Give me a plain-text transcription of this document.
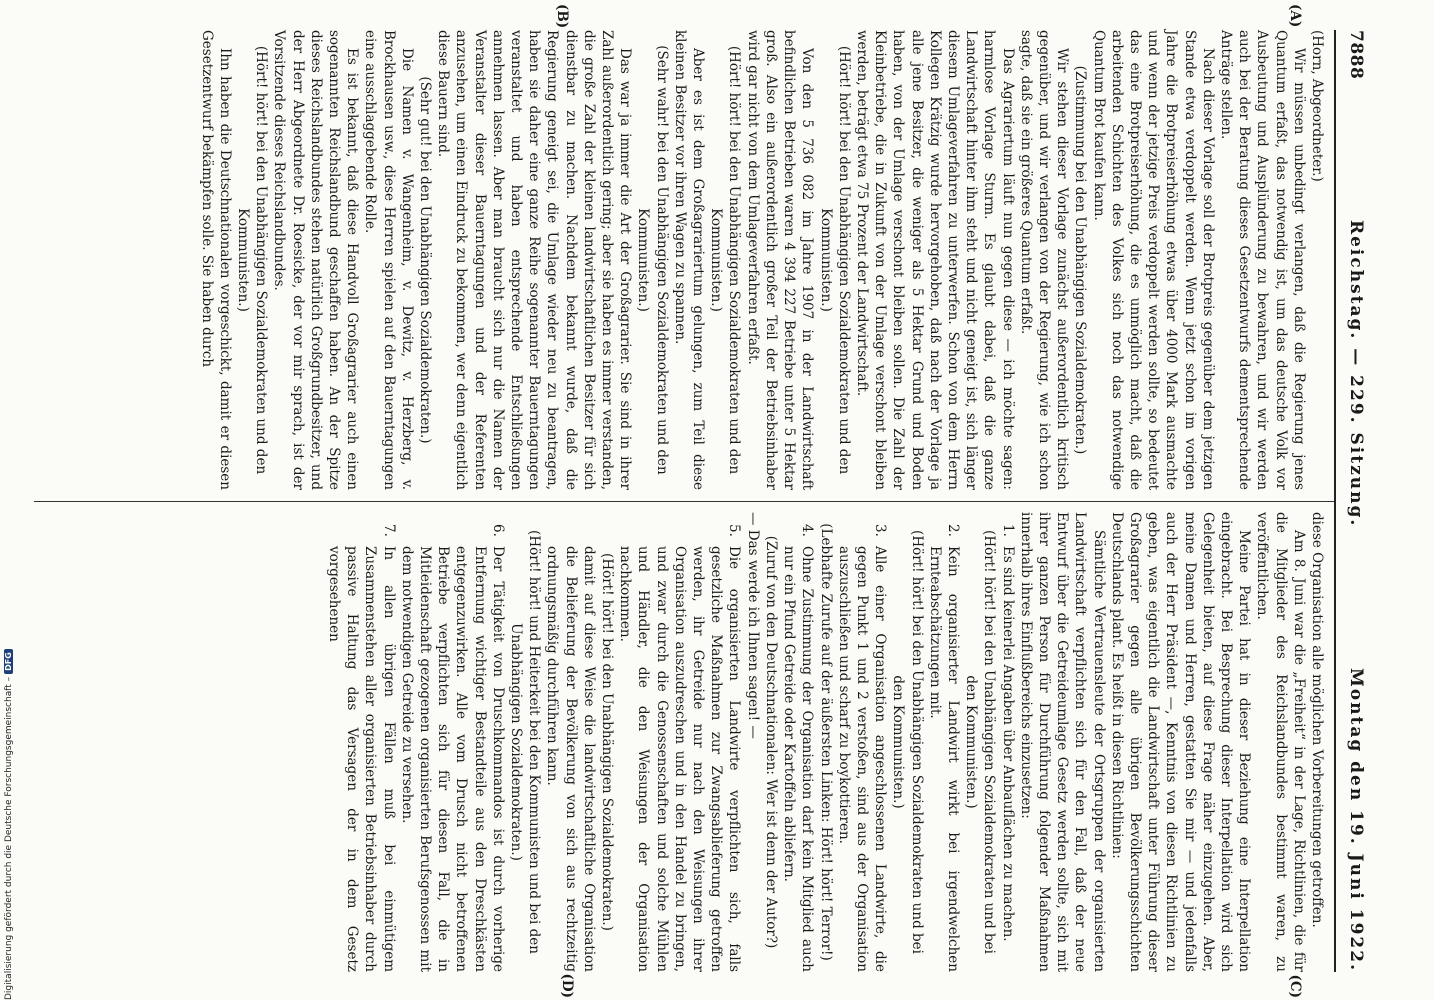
7888
Reichstag. — 229. Sitzung.
Montag den 19. Juni 1922.
(A)
(B)

(Horn, Abgeordneter.)

Wir müssen unbedingt verlangen, daß die Regierung jenes Quantum erfaßt, das notwendig ist, um das deutsche Volk vor Ausbeutung und Ausplünderung zu bewahren, und wir werden auch bei der Beratung dieses Gesetzentwurfs dementsprechende Anträge stellen.

Nach dieser Vorlage soll der Brotpreis gegenüber dem jetzigen Stande etwa verdoppelt werden. Wenn jetzt schon im vorigen Jahre die Brotpreiserhöhung etwas über 4000 Mark ausmachte und wenn der jetzige Preis verdoppelt werden sollte, so bedeutet das eine Brotpreiserhöhung, die es unmöglich macht, daß die arbeitenden Schichten des Volkes sich noch das notwendige Quantum Brot kaufen kann.

(Zustimmung bei den Unabhängigen Sozialdemokraten.)

Wir stehen dieser Vorlage zunächst außerordentlich kritisch gegenüber, und wir verlangen von der Regierung, wie ich schon sagte, daß sie ein größeres Quantum erfaßt.

Das Agrariertum läuft nun gegen diese — ich möchte sagen: harmlose Vorlage Sturm. Es glaubt dabei, daß die ganze Landwirtschaft hinter ihm steht und nicht geneigt ist, sich länger diesem Umlageverfahren zu unterwerfen. Schon von dem Herrn Kollegen Krätzig wurde hervorgehoben, daß nach der Vorlage ja alle jene Besitzer, die weniger als 5 Hektar Grund und Boden haben, von der Umlage verschont bleiben sollen. Die Zahl der Kleinbetriebe, die in Zukunft von der Umlage verschont bleiben werden, beträgt etwa 75 Prozent der Landwirtschaft.

(Hört! hört! bei den Unabhängigen Sozialdemokraten und den Kommunisten.)

Von den 5 736 082 im Jahre 1907 in der Landwirtschaft befindlichen Betrieben waren 4 394 227 Betriebe unter 5 Hektar groß. Also ein außerordentlich großer Teil der Betriebsinhaber wird gar nicht von dem Umlageverfahren erfaßt.

(Hört! hört! bei den Unabhängigen Sozialdemokraten und den Kommunisten.)

Aber es ist dem Großagrariertum gelungen, zum Teil diese kleinen Besitzer vor ihren Wagen zu spannen.

(Sehr wahr! bei den Unabhängigen Sozialdemokraten und den Kommunisten.)

Das war ja immer die Art der Großagrarier. Sie sind in ihrer Zahl außerordentlich gering; aber sie haben es immer verstanden, die große Zahl der kleinen landwirtschaftlichen Besitzer für sich dienstbar zu machen. Nachdem bekannt wurde, daß die Regierung geneigt sei, die Umlage wieder neu zu beantragen, haben sie daher eine ganze Reihe sogenannter Bauerntagungen veranstaltet und haben entsprechende Entschließungen annehmen lassen. Aber man braucht sich nur die Namen der Veranstalter dieser Bauerntagungen und der Referenten anzusehen, um einen Eindruck zu bekommen, wer denn eigentlich diese Bauern sind.

(Sehr gut! bei den Unabhängigen Sozialdemokraten.)

Die Namen v. Wangenheim, v. Dewitz, v. Herzberg, v. Brockhausen usw., diese Herren spielen auf den Bauerntagungen eine ausschlaggebende Rolle.

Es ist bekannt, daß diese Handvoll Großagrarier auch einen sogenannten Reichslandbund geschaffen haben. An der Spitze dieses Reichslandbundes stehen natürlich Großgrundbesitzer, und der Herr Abgeordnete Dr. Roesicke, der vor mir sprach, ist der Vorsitzende dieses Reichslandbundes.

(Hört! hört! bei den Unabhängigen Sozialdemokraten und den Kommunisten.)

Ihn haben die Deutschnationalen vorgeschickt, damit er diesen Gesetzentwurf bekämpfen solle. Sie haben durch

(C)
(D)

diese Organisation alle möglichen Vorbereitungen getroffen.

Am 8. Juni war die „Freiheit“ in der Lage, Richtlinien, die für die Mitglieder des Reichslandbundes bestimmt waren, zu veröffentlichen.

Meine Partei hat in dieser Beziehung eine Interpellation eingebracht. Bei Besprechung dieser Interpellation wird sich Gelegenheit bieten, auf diese Frage näher einzugehen. Aber, meine Damen und Herren, gestatten Sie mir — und jedenfalls auch der Herr Präsident —, Kenntnis von diesen Richtlinien zu geben, was eigentlich die Landwirtschaft unter Führung dieser Großagrarier gegen alle übrigen Bevölkerungsschichten Deutschlands plant. Es heißt in diesen Richtlinien:

Sämtliche Vertrauensleute der Ortsgruppen der organisierten Landwirtschaft verpflichten sich für den Fall, daß der neue Entwurf über die Getreideumlage Gesetz werden sollte, sich mit ihrer ganzen Person für Durchführung folgender Maßnahmen innerhalb ihres Einflußbereichs einzusetzen:

1.
Es sind keinerlei Angaben über Anbauflächen zu machen.

(Hört! hört! bei den Unabhängigen Sozialdemokraten und bei den Kommunisten.)

2.
Kein organisierter Landwirt wirkt bei irgendwelchen Ernteabschätzungen mit.

(Hört! hört! bei den Unabhängigen Sozialdemokraten und bei den Kommunisten.)

3.
Alle einer Organisation angeschlossenen Landwirte, die gegen Punkt 1 und 2 verstoßen, sind aus der Organisation auszuschließen und scharf zu boykottieren.

(Lebhafte Zurufe auf der äußersten Linken: Hört! hört! Terror!)

4.
Ohne Zustimmung der Organisation darf kein Mitglied auch nur ein Pfund Getreide oder Kartoffeln abliefern.

(Zuruf von den Deutschnationalen: Wer ist denn der Autor?)

— Das werde ich Ihnen sagen! —

5.
Die organisierten Landwirte verpflichten sich, falls gesetzliche Maßnahmen zur Zwangsablieferung getroffen werden, ihr Getreide nur nach den Weisungen ihrer Organisation auszudreschen und in den Handel zu bringen, und zwar durch die Genossenschaften und solche Mühlen und Händler, die den Weisungen der Organisation nachkommen.

(Hört! hört! bei den Unabhängigen Sozialdemokraten.)

damit auf diese Weise die landwirtschaftliche Organisation die Belieferung der Bevölkerung von sich aus rechtzeitig ordnungsmäßig durchführen kann.

(Hört! hört! und Heiterkeit bei den Kommunisten und bei den Unabhängigen Sozialdemokraten.)

6.
Der Tätigkeit von Druschkommandos ist durch vorherige Entfernung wichtiger Bestandteile aus den Dreschkästen entgegenzuwirken. Alle vom Drusch nicht betroffenen Betriebe verpflichten sich für diesen Fall, die in Mitleidenschaft gezogenen organisierten Berufsgenossen mit dem notwendigen Getreide zu versehen.

7.
In allen übrigen Fällen muß bei einmütigem Zusammenstehen aller organisierten Betriebsinhaber durch passive Haltung das Versagen der in dem Gesetz vorgesehenen

Digitalisierung gefördert durch die Deutsche Forschungsgemeinschaft –DFG
